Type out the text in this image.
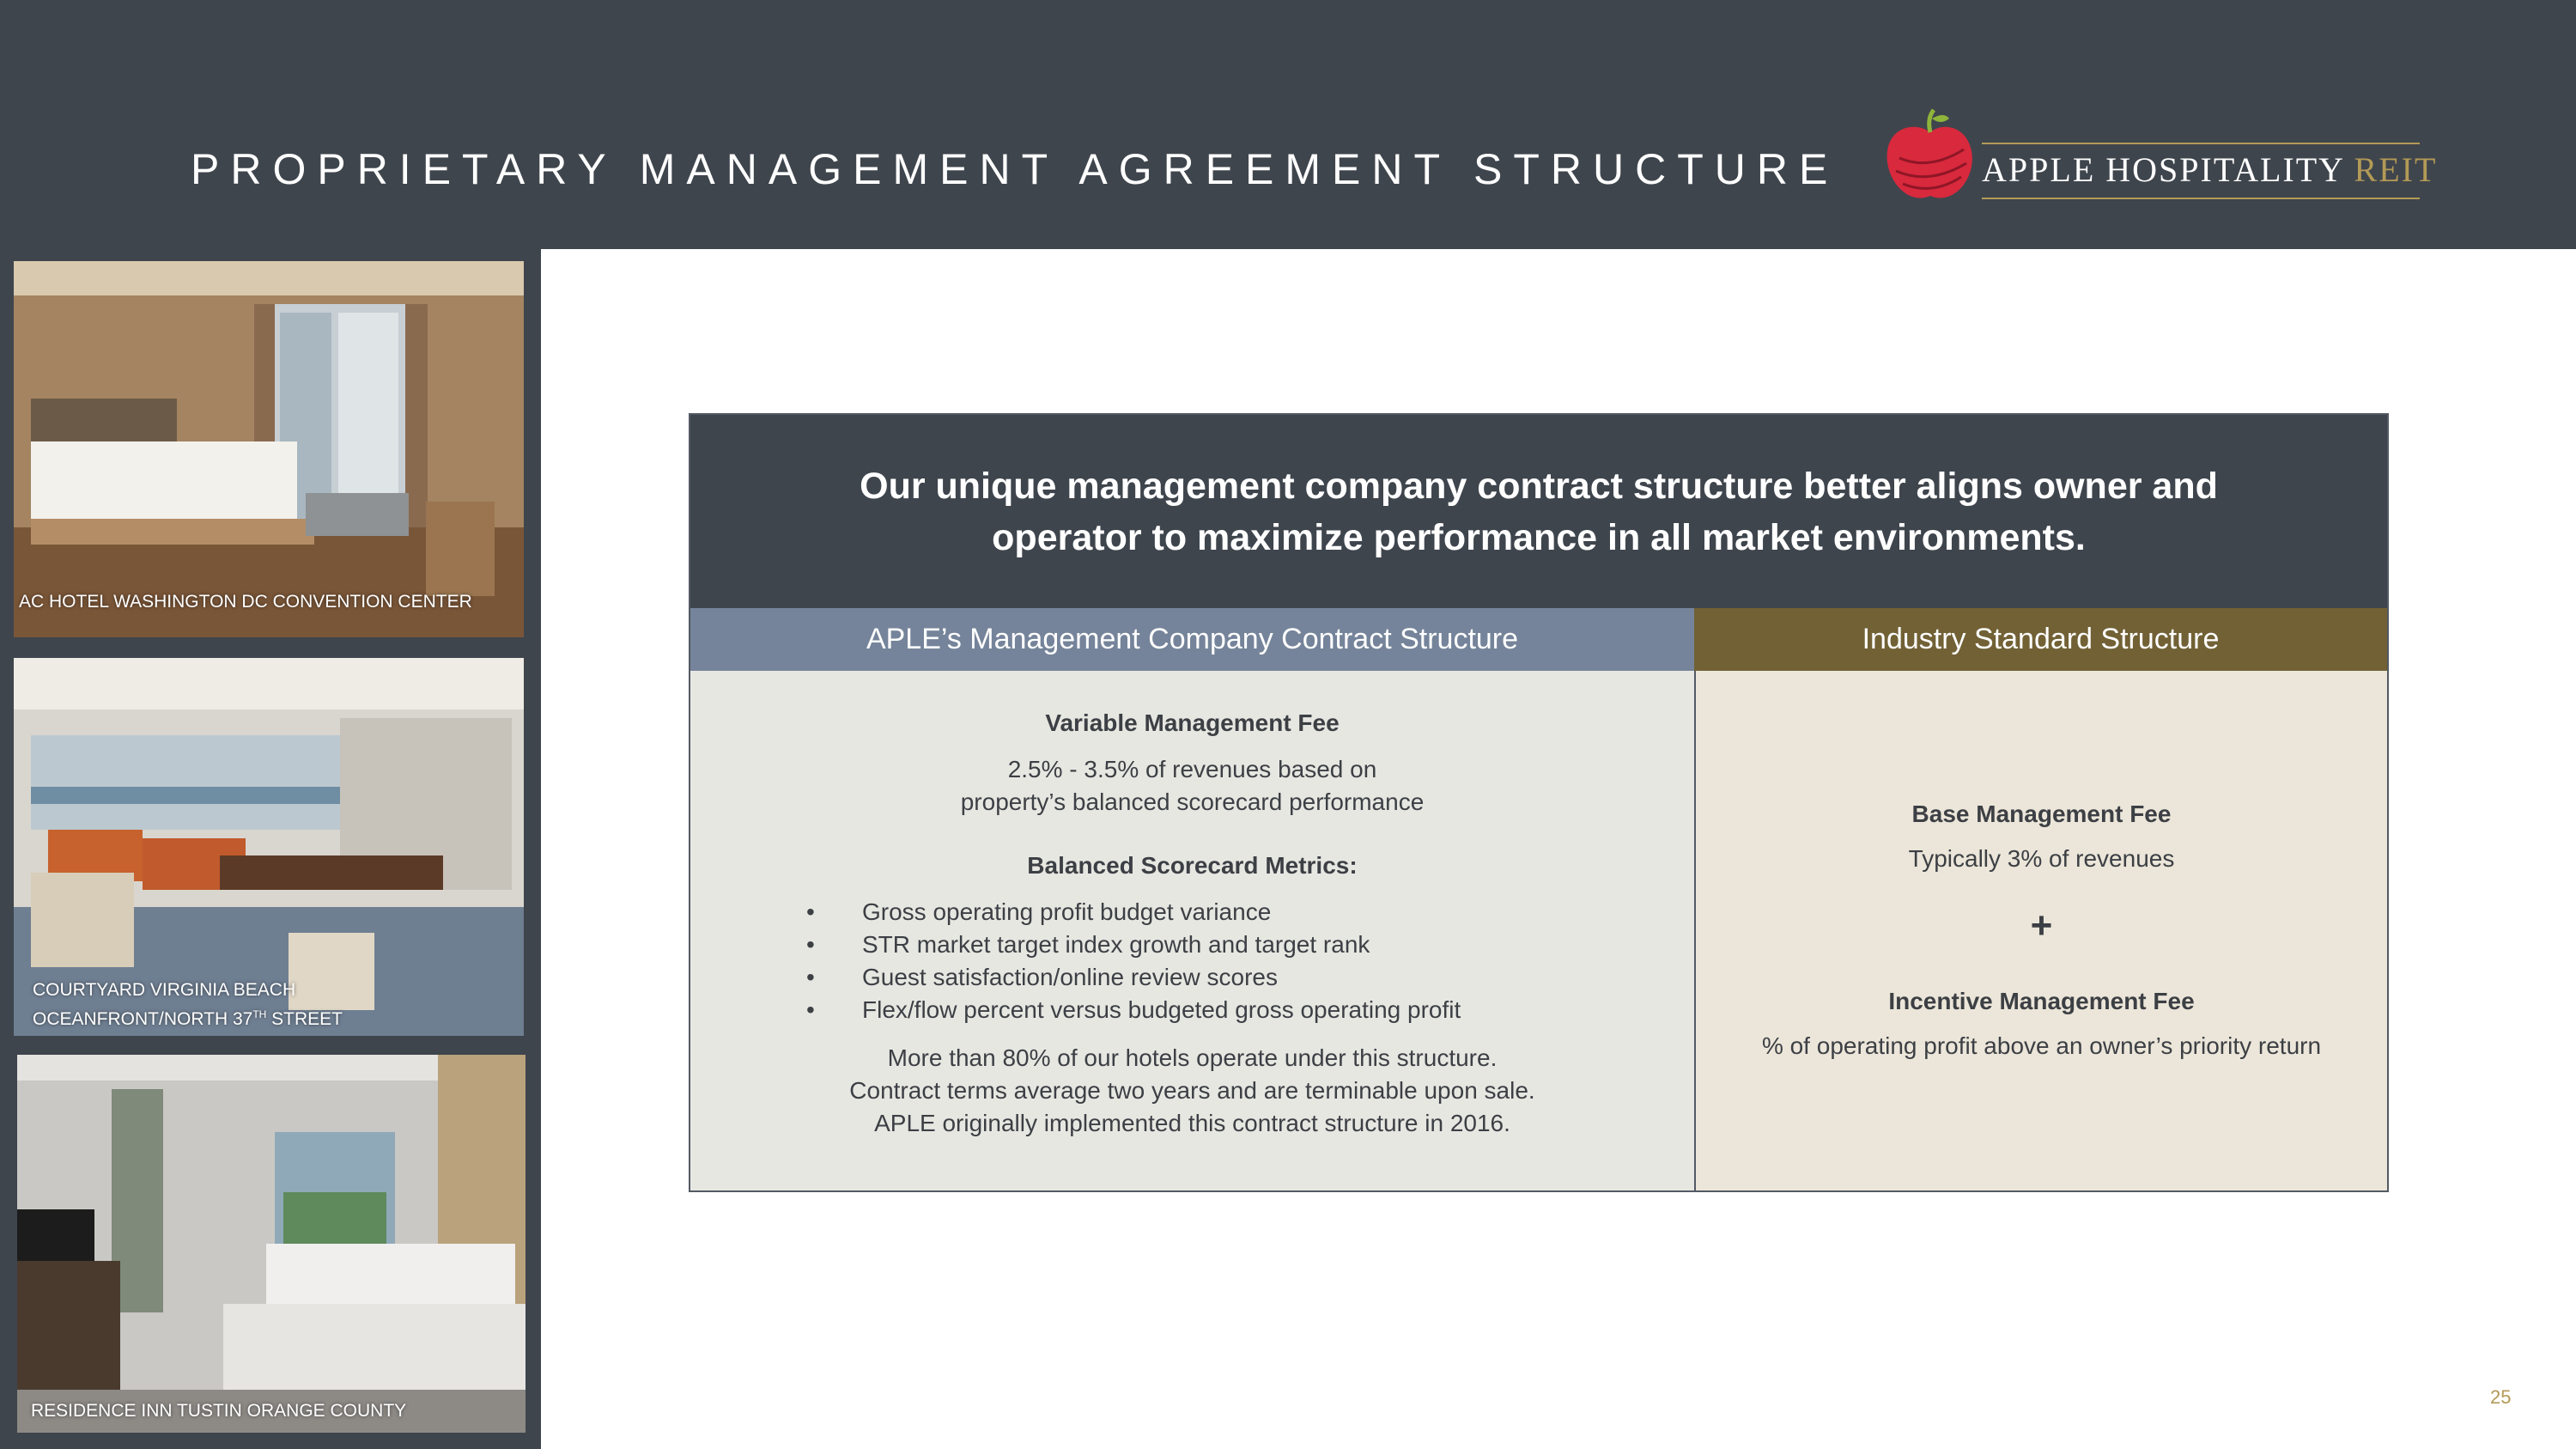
PROPRIETARY MANAGEMENT AGREEMENT STRUCTURE	APPLE HOSPITALITY REIT
AC HOTEL WASHINGTON DC CONVENTION CENTER
COURTYARD VIRGINIA BEACH
OCEANFRONT/NORTH 37TH STREET
RESIDENCE INN TUSTIN ORANGE COUNTY
Our unique management company contract structure better aligns owner and
operator to maximize performance in all market environments.
APLE’s Management Company Contract Structure	Industry Standard Structure
Variable Management Fee
2.5% - 3.5% of revenues based on
property’s balanced scorecard performance
Balanced Scorecard Metrics:
• Gross operating profit budget variance
• STR market target index growth and target rank
• Guest satisfaction/online review scores
• Flex/flow percent versus budgeted gross operating profit
More than 80% of our hotels operate under this structure.
Contract terms average two years and are terminable upon sale.
APLE originally implemented this contract structure in 2016.
Base Management Fee
Typically 3% of revenues
+
Incentive Management Fee
% of operating profit above an owner’s priority return
25
